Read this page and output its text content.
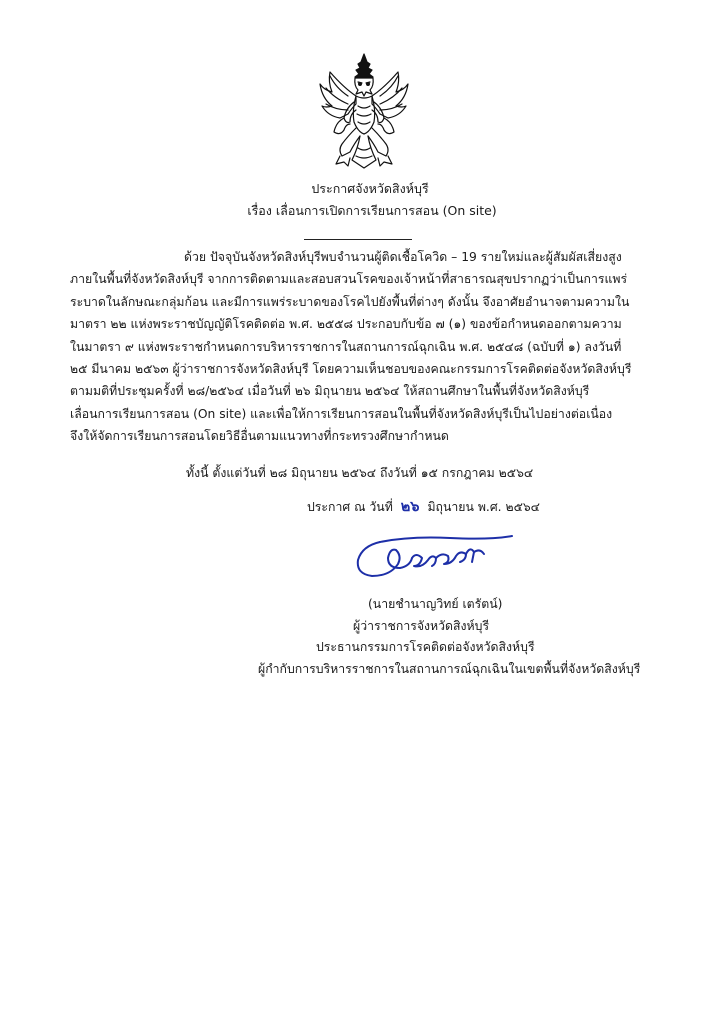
ประกาศจังหวัดสิงห์บุรี
เรื่อง เลื่อนการเปิดการเรียนการสอน (On site)
ด้วย ปัจจุบันจังหวัดสิงห์บุรีพบจำนวนผู้ติดเชื้อโควิด – 19 รายใหม่และผู้สัมผัสเสี่ยงสูง
ภายในพื้นที่จังหวัดสิงห์บุรี จากการติดตามและสอบสวนโรคของเจ้าหน้าที่สาธารณสุขปรากฏว่าเป็นการแพร่
ระบาดในลักษณะกลุ่มก้อน และมีการแพร่ระบาดของโรคไปยังพื้นที่ต่างๆ ดังนั้น จึงอาศัยอำนาจตามความใน
มาตรา ๒๒ แห่งพระราชบัญญัติโรคติดต่อ พ.ศ. ๒๕๕๘ ประกอบกับข้อ ๗ (๑) ของข้อกำหนดออกตามความ
ในมาตรา ๙ แห่งพระราชกำหนดการบริหารราชการในสถานการณ์ฉุกเฉิน พ.ศ. ๒๕๔๘ (ฉบับที่ ๑) ลงวันที่
๒๕ มีนาคม ๒๕๖๓ ผู้ว่าราชการจังหวัดสิงห์บุรี โดยความเห็นชอบของคณะกรรมการโรคติดต่อจังหวัดสิงห์บุรี
ตามมติที่ประชุมครั้งที่ ๒๘/๒๕๖๔ เมื่อวันที่ ๒๖ มิถุนายน ๒๕๖๔ ให้สถานศึกษาในพื้นที่จังหวัดสิงห์บุรี
เลื่อนการเรียนการสอน (On site) และเพื่อให้การเรียนการสอนในพื้นที่จังหวัดสิงห์บุรีเป็นไปอย่างต่อเนื่อง
จึงให้จัดการเรียนการสอนโดยวิธีอื่นตามแนวทางที่กระทรวงศึกษากำหนด
ทั้งนี้ ตั้งแต่วันที่ ๒๘ มิถุนายน ๒๕๖๔ ถึงวันที่ ๑๕ กรกฎาคม ๒๕๖๔
ประกาศ ณ วันที่ ๒๖ มิถุนายน พ.ศ. ๒๕๖๔
(นายชำนาญวิทย์ เตรัตน์)
ผู้ว่าราชการจังหวัดสิงห์บุรี
ประธานกรรมการโรคติดต่อจังหวัดสิงห์บุรี
ผู้กำกับการบริหารราชการในสถานการณ์ฉุกเฉินในเขตพื้นที่จังหวัดสิงห์บุรี
